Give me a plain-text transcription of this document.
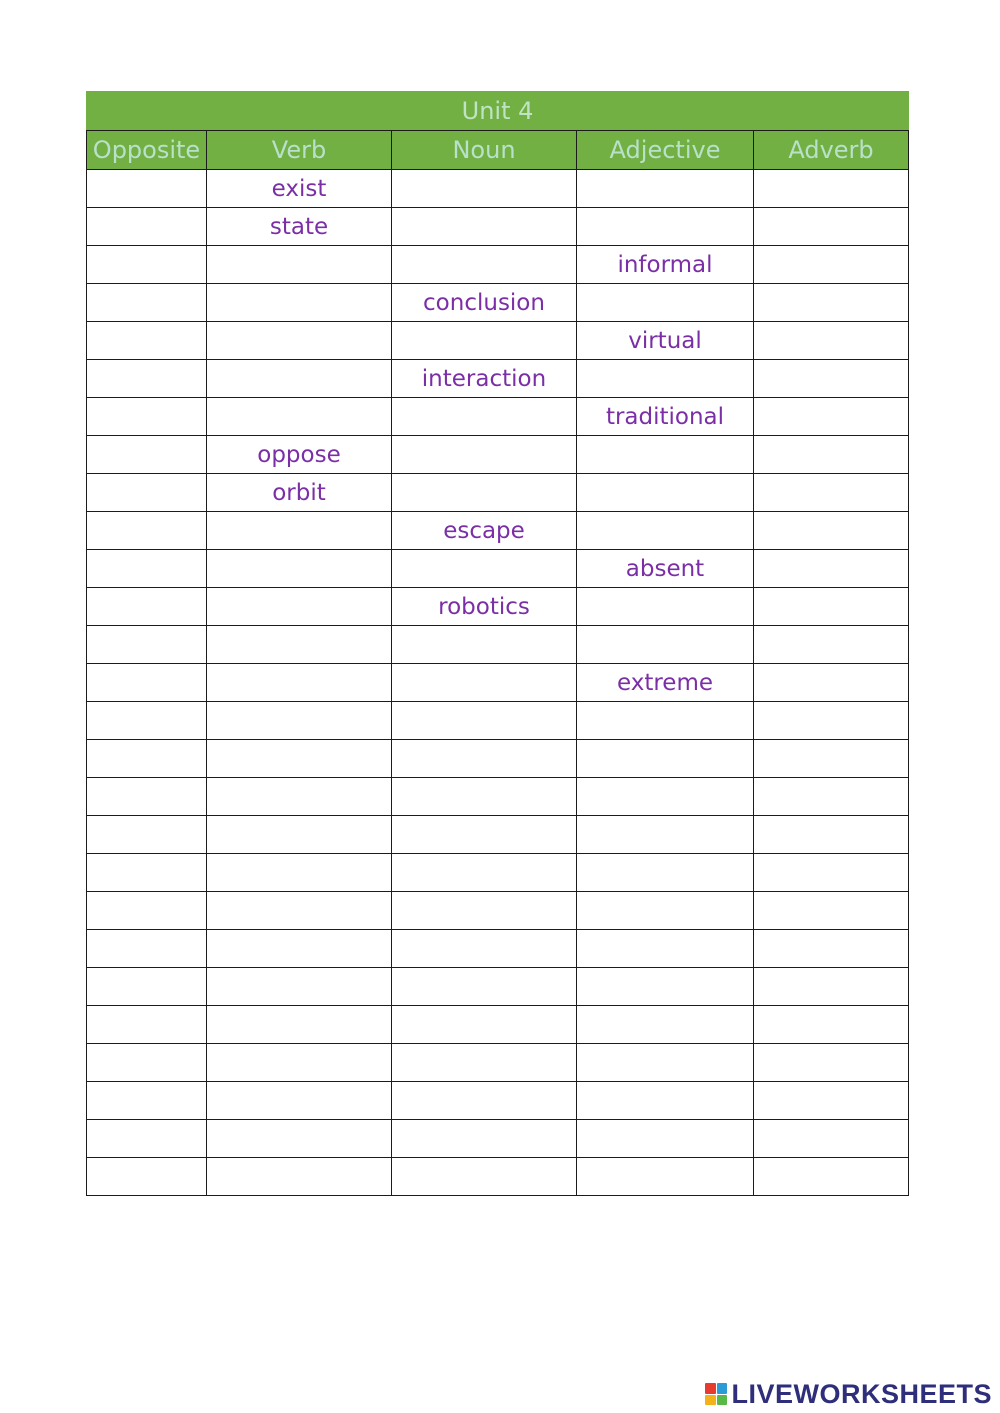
Unit 4				
Opposite	Verb	Noun	Adjective	Adverb
	exist			
	state			
			informal	
		conclusion		
			virtual	
		interaction		
			traditional	
	oppose			
	orbit			
		escape		
			absent	
		robotics		

			extreme	

LIVEWORKSHEETS
